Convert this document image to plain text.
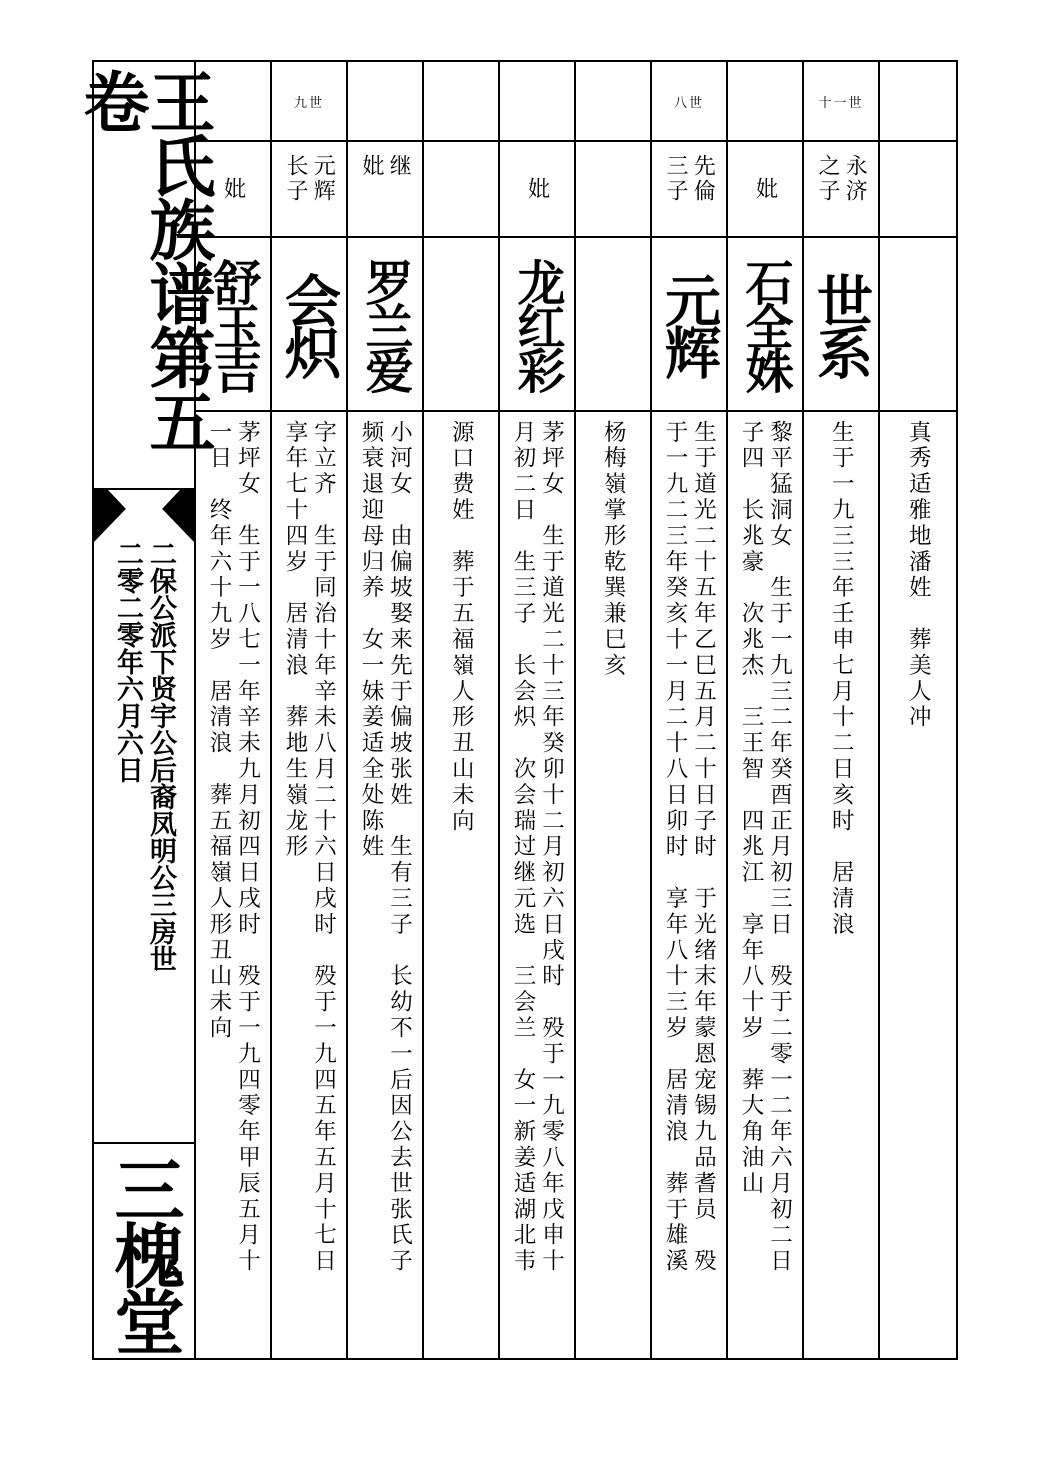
王氏族谱第五卷
二保公派下贤宇公后裔凤明公三房世
二零二零年六月六日
三槐堂
妣
舒玉吉
茅坪女　生于一八七一年辛未九月初四日戌时　殁于一九四零年甲辰五月十
一日　终年六十九岁　居清浪　葬五福嶺人形丑山未向
九世
元辉
长子
会炽
字立齐　生于同治十年辛未八月二十六日戌时　殁于一九四五年五月十七日
享年七十四岁　居清浪　葬地生嶺龙形
继
妣
罗兰爱
小河女　由偏坡娶来先于偏坡张姓　生有三子　长幼不一后因公去世张氏子
频衰退迎母归养　女一妹姜适全处陈姓	源口费姓　葬于五福嶺人形丑山未向
妣
龙红彩
茅坪女　生于道光二十三年癸卯十二月初六日戌时　殁于一九零八年戊申十
月初二日　生三子　长会炽　次会瑞过继元选　三会兰　女一新姜适湖北韦	杨梅嶺掌形乾巽兼巳亥
八世
先倫
三子
元辉
生于道光二十五年乙巳五月二十日子时　于光绪末年蒙恩宠锡九品耆员　殁
于一九二三年癸亥十一月二十八日卯时　享年八十三岁　居清浪　葬于雄溪
妣
石全姝
黎平猛洞女　生于一九三二年癸酉正月初三日　殁于二零一二年六月初二日
子四　长兆豪　次兆杰　三王智　四兆江　享年八十岁　葬大角油山
十一世
永济
之子
世系
生于一九三三年壬申七月十二日亥时　居清浪 真秀适雅地潘姓　葬美人冲
